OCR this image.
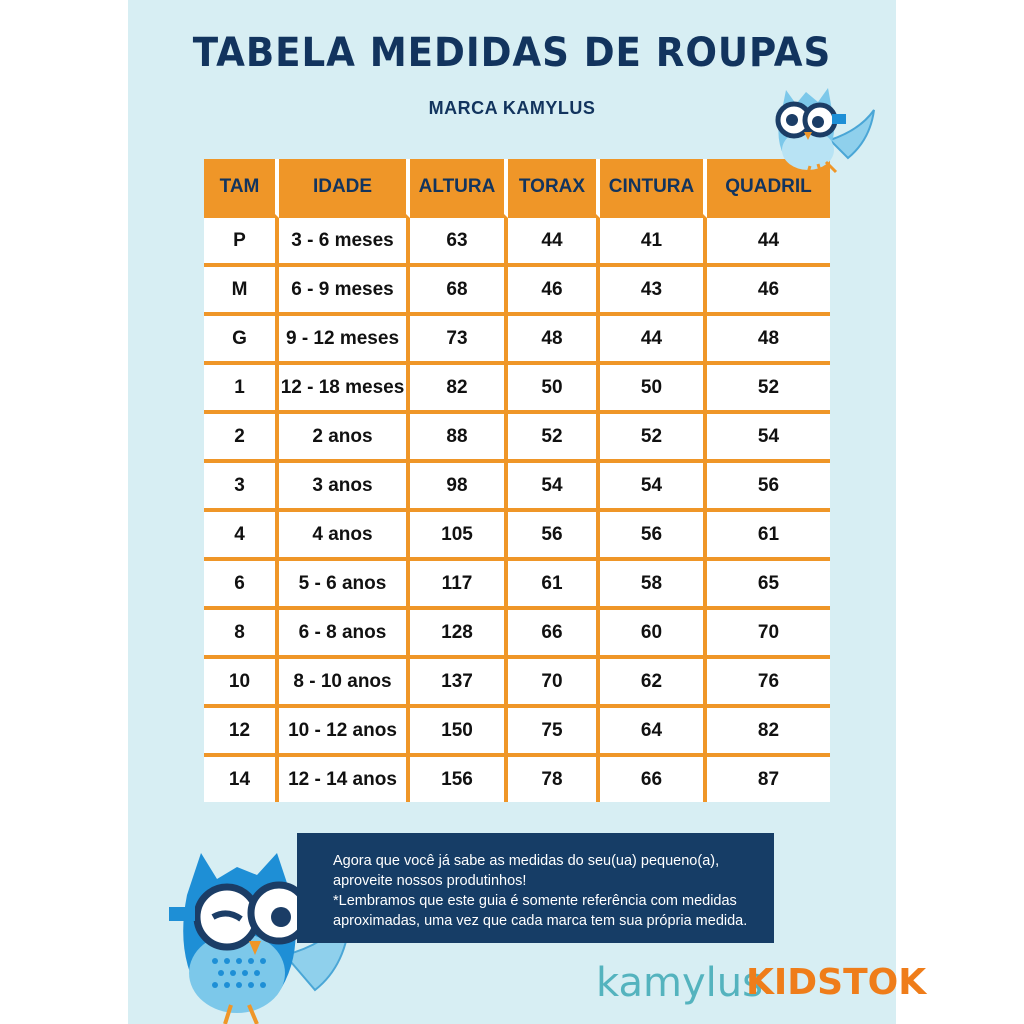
TABELA MEDIDAS DE ROUPAS
MARCA KAMYLUS
TAM	IDADE	ALTURA	TORAX	CINTURA	QUADRIL
P	3 - 6 meses	63	44	41	44
M	6 - 9 meses	68	46	43	46
G	9 - 12 meses	73	48	44	48
1	12 - 18 meses	82	50	50	52
2	2 anos	88	52	52	54
3	3 anos	98	54	54	56
4	4 anos	105	56	56	61
6	5 - 6 anos	117	61	58	65
8	6 - 8 anos	128	66	60	70
10	8 - 10 anos	137	70	62	76
12	10 - 12 anos	150	75	64	82
14	12 - 14 anos	156	78	66	87

Agora que você já sabe as medidas do seu(ua) pequeno(a), aproveite nossos produtinhos!

*Lembramos que este guia é somente referência com medidas aproximadas, uma vez que cada marca tem sua própria medida.

kamylus
KIDSTOK
